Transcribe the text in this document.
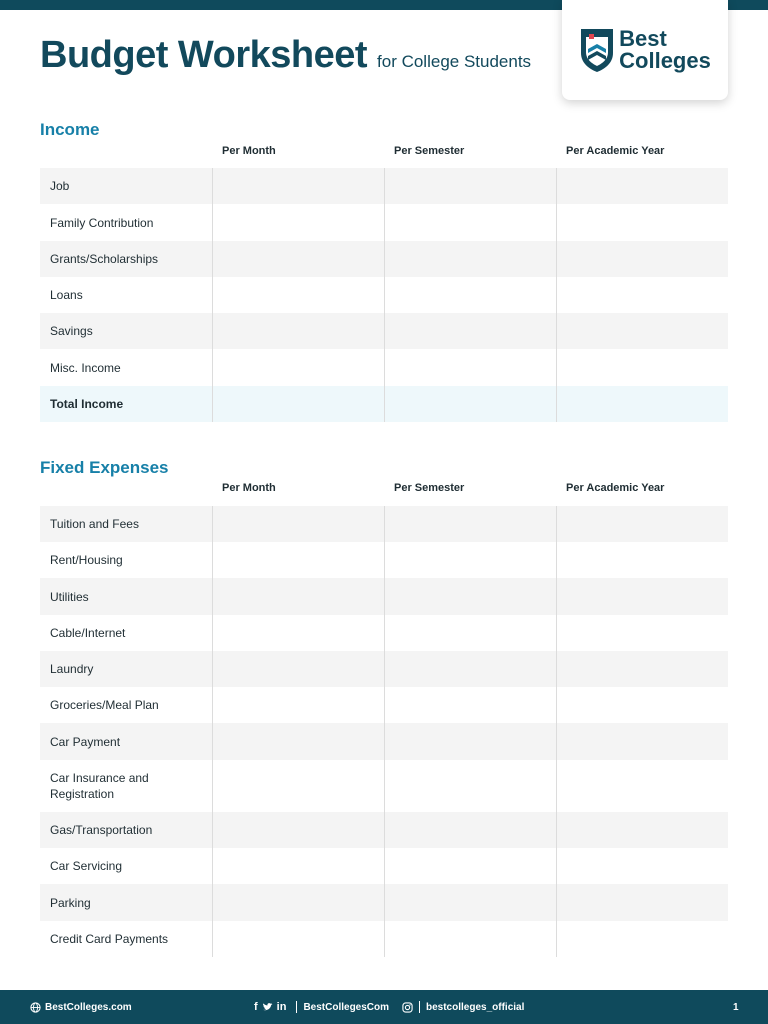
Budget Worksheet for College Students
Best
Colleges
Income
Per Month	Per Semester	Per Academic Year
Job
Family Contribution
Grants/Scholarships
Loans
Savings
Misc. Income
Total Income
Fixed Expenses
Per Month	Per Semester	Per Academic Year
Tuition and Fees
Rent/Housing
Utilities
Cable/Internet
Laundry
Groceries/Meal Plan
Car Payment
Car Insurance and Registration
Gas/Transportation
Car Servicing
Parking
Credit Card Payments
BestColleges.com	f in BestCollegesCom	bestcolleges_official	1
